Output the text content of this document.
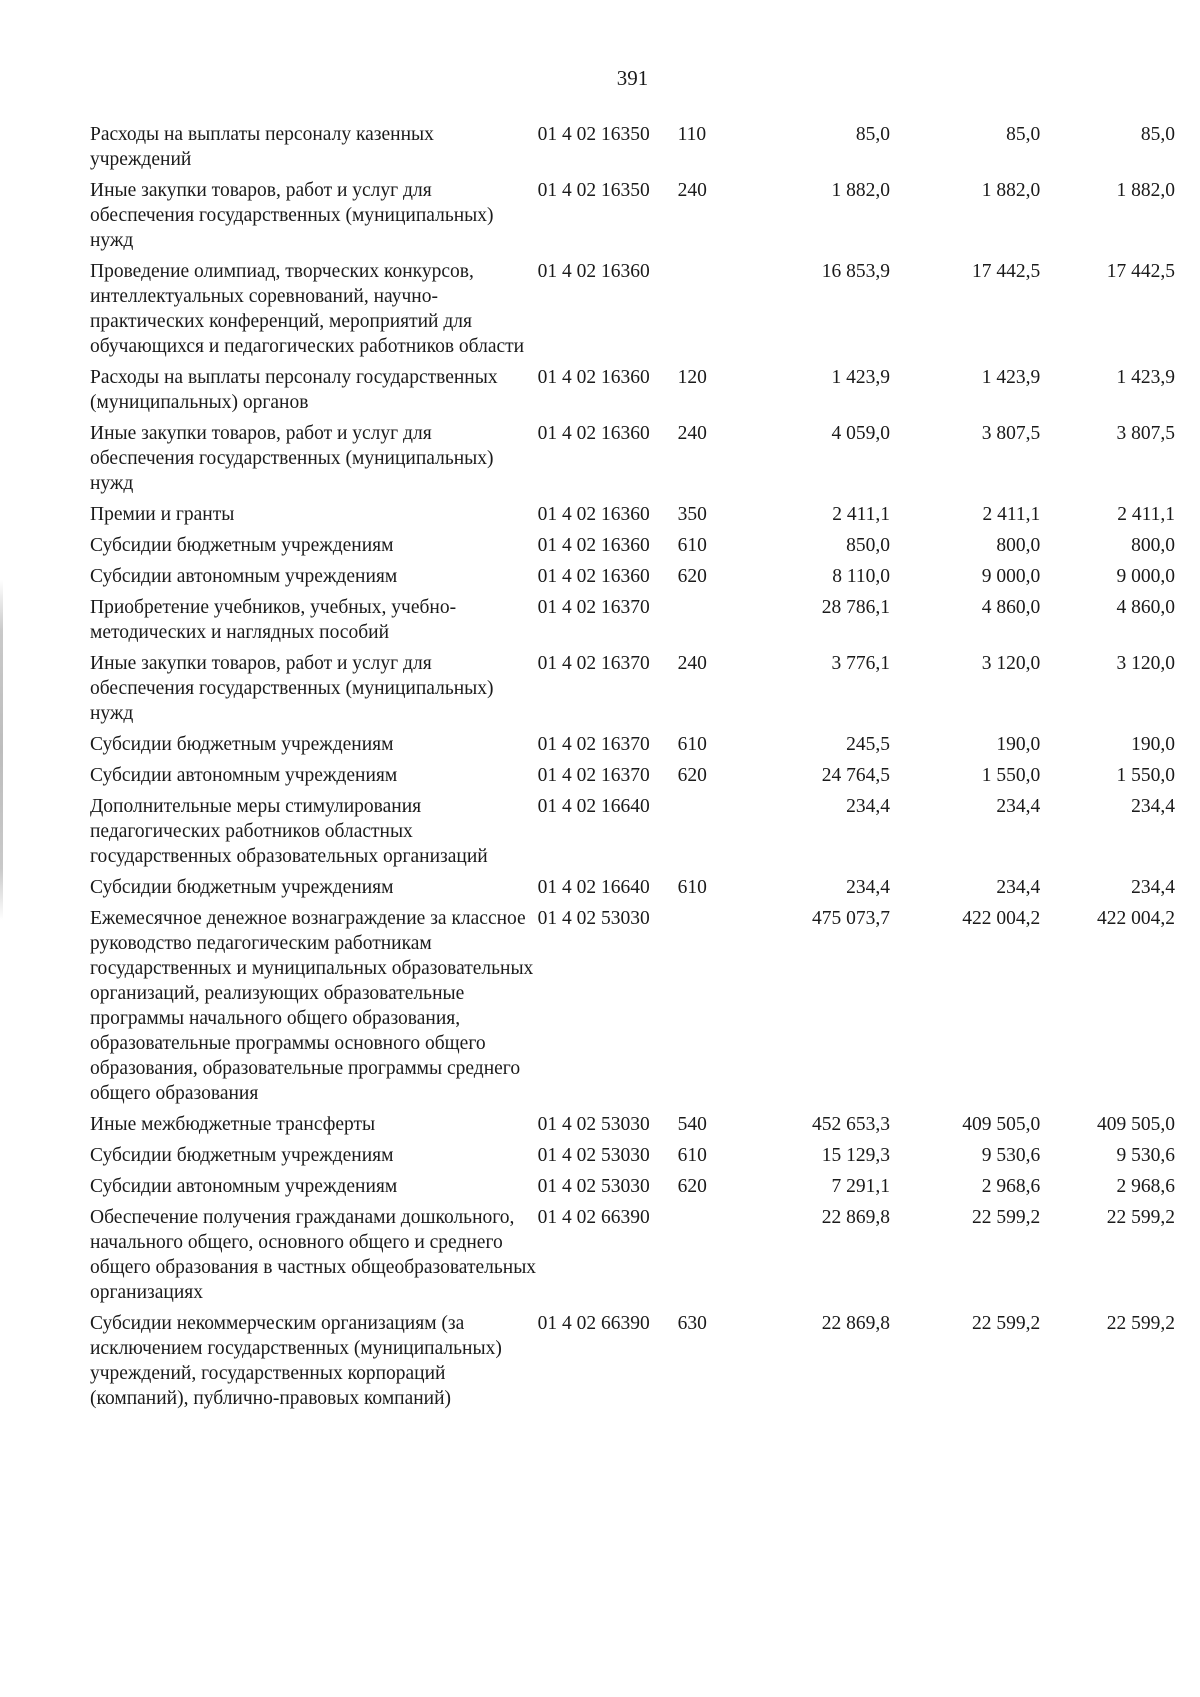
391
Расходы на выплаты персоналу казенных учреждений	01 4 02 16350	110	85,0	85,0	85,0
Иные закупки товаров, работ и услуг для обеспечения государственных (муниципальных) нужд	01 4 02 16350	240	1 882,0	1 882,0	1 882,0
Проведение олимпиад, творческих конкурсов, интеллектуальных соревнований, научно-практических конференций, мероприятий для обучающихся и педагогических работников области	01 4 02 16360		16 853,9	17 442,5	17 442,5
Расходы на выплаты персоналу государственных (муниципальных) органов	01 4 02 16360	120	1 423,9	1 423,9	1 423,9
Иные закупки товаров, работ и услуг для обеспечения государственных (муниципальных) нужд	01 4 02 16360	240	4 059,0	3 807,5	3 807,5
Премии и гранты	01 4 02 16360	350	2 411,1	2 411,1	2 411,1
Субсидии бюджетным учреждениям	01 4 02 16360	610	850,0	800,0	800,0
Субсидии автономным учреждениям	01 4 02 16360	620	8 110,0	9 000,0	9 000,0
Приобретение учебников, учебных, учебно-методических и наглядных пособий	01 4 02 16370		28 786,1	4 860,0	4 860,0
Иные закупки товаров, работ и услуг для обеспечения государственных (муниципальных) нужд	01 4 02 16370	240	3 776,1	3 120,0	3 120,0
Субсидии бюджетным учреждениям	01 4 02 16370	610	245,5	190,0	190,0
Субсидии автономным учреждениям	01 4 02 16370	620	24 764,5	1 550,0	1 550,0
Дополнительные меры стимулирования педагогических работников областных государственных образовательных организаций	01 4 02 16640		234,4	234,4	234,4
Субсидии бюджетным учреждениям	01 4 02 16640	610	234,4	234,4	234,4
Ежемесячное денежное вознаграждение за классное руководство педагогическим работникам государственных и муниципальных образовательных организаций, реализующих образовательные программы начального общего образования, образовательные программы основного общего образования, образовательные программы среднего общего образования	01 4 02 53030		475 073,7	422 004,2	422 004,2
Иные межбюджетные трансферты	01 4 02 53030	540	452 653,3	409 505,0	409 505,0
Субсидии бюджетным учреждениям	01 4 02 53030	610	15 129,3	9 530,6	9 530,6
Субсидии автономным учреждениям	01 4 02 53030	620	7 291,1	2 968,6	2 968,6
Обеспечение получения гражданами дошкольного, начального общего, основного общего и среднего общего образования в частных общеобразовательных организациях	01 4 02 66390		22 869,8	22 599,2	22 599,2
Субсидии некоммерческим организациям (за исключением государственных (муниципальных) учреждений, государственных корпораций (компаний), публично-правовых компаний)	01 4 02 66390	630	22 869,8	22 599,2	22 599,2
